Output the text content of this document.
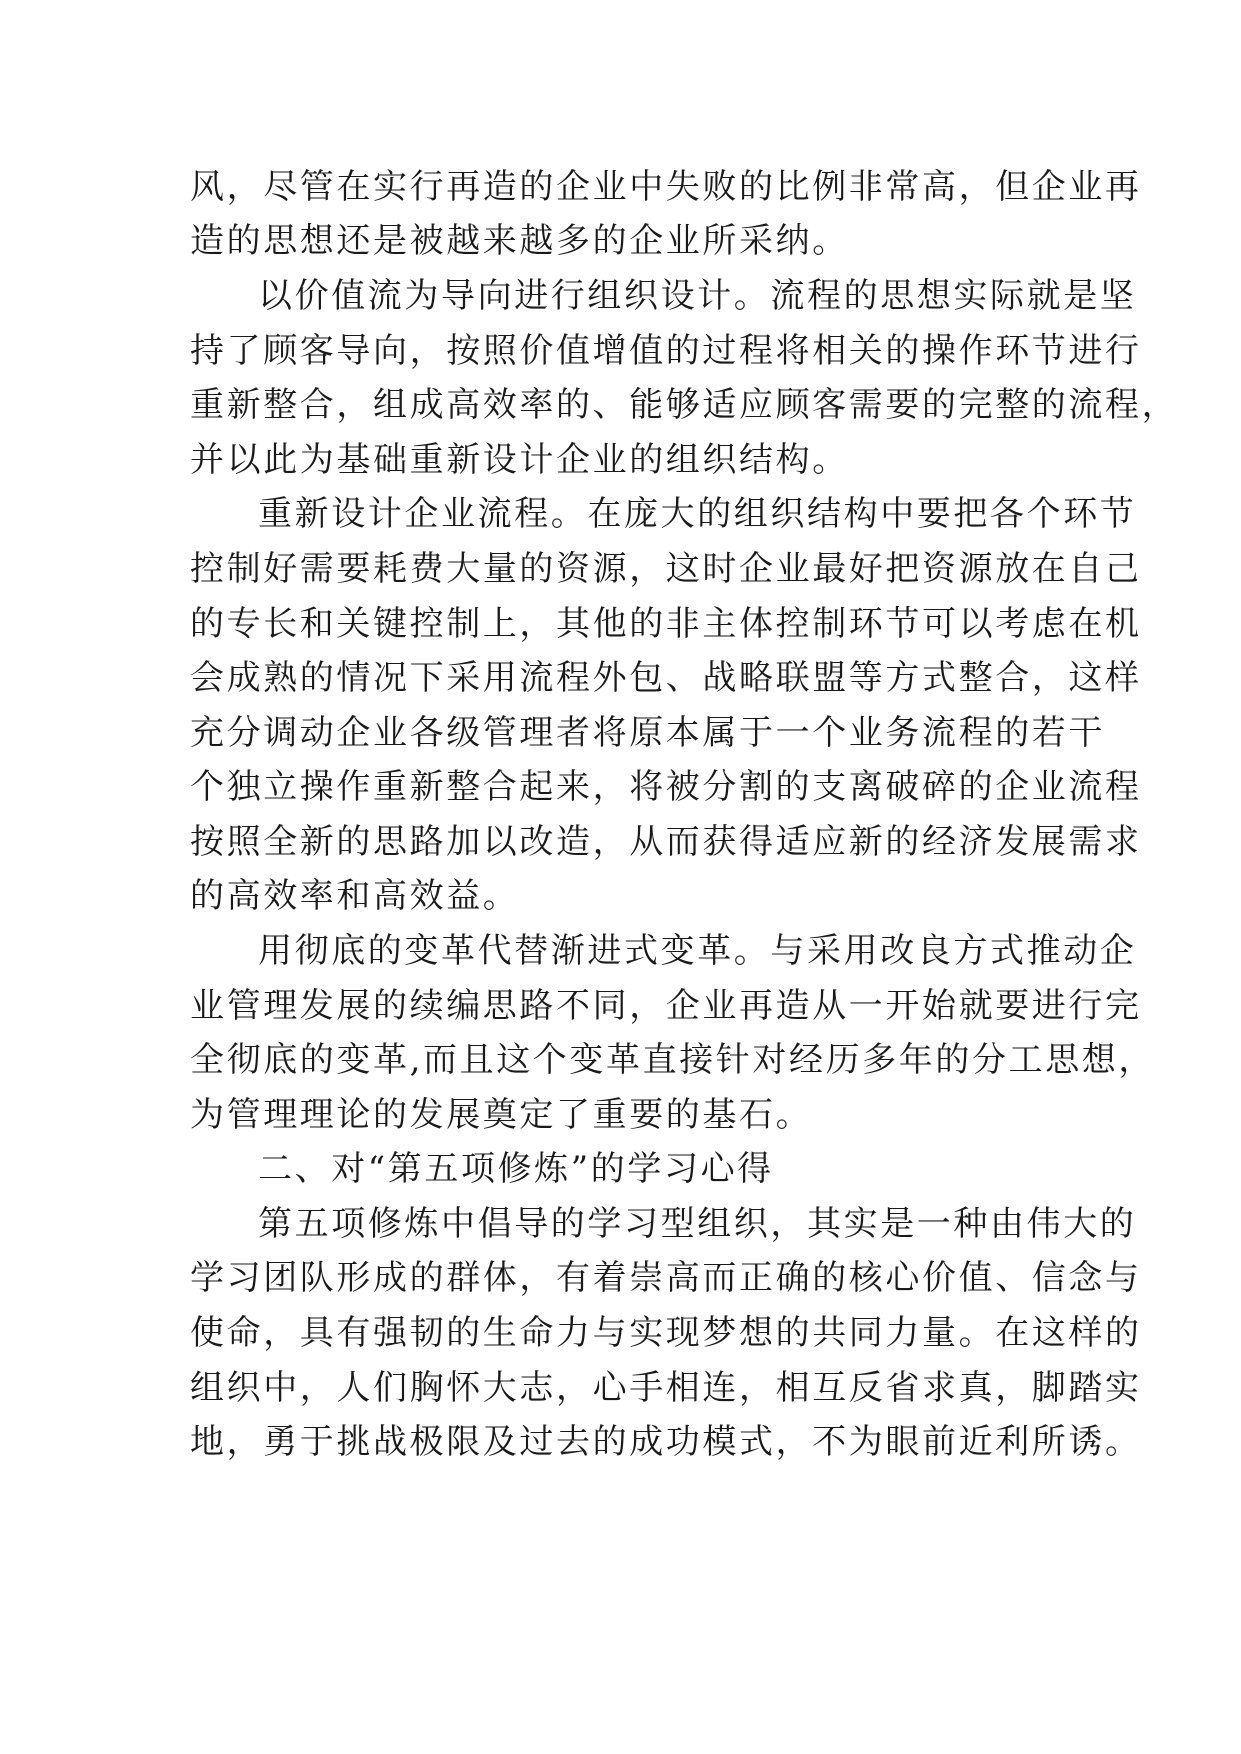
风，尽管在实行再造的企业中失败的比例非常高，但企业再
造的思想还是被越来越多的企业所采纳。
以价值流为导向进行组织设计。流程的思想实际就是坚
持了顾客导向，按照价值增值的过程将相关的操作环节进行
重新整合，组成高效率的、能够适应顾客需要的完整的流程，
并以此为基础重新设计企业的组织结构。
重新设计企业流程。在庞大的组织结构中要把各个环节
控制好需要耗费大量的资源，这时企业最好把资源放在自己
的专长和关键控制上，其他的非主体控制环节可以考虑在机
会成熟的情况下采用流程外包、战略联盟等方式整合，这样
充分调动企业各级管理者将原本属于一个业务流程的若干
个独立操作重新整合起来，将被分割的支离破碎的企业流程
按照全新的思路加以改造，从而获得适应新的经济发展需求
的高效率和高效益。
用彻底的变革代替渐进式变革。与采用改良方式推动企
业管理发展的续编思路不同，企业再造从一开始就要进行完
全彻底的变革,而且这个变革直接针对经历多年的分工思想，
为管理理论的发展奠定了重要的基石。
二、对“第五项修炼”的学习心得
第五项修炼中倡导的学习型组织，其实是一种由伟大的
学习团队形成的群体，有着崇高而正确的核心价值、信念与
使命，具有强韧的生命力与实现梦想的共同力量。在这样的
组织中，人们胸怀大志，心手相连，相互反省求真，脚踏实
地，勇于挑战极限及过去的成功模式，不为眼前近利所诱。
